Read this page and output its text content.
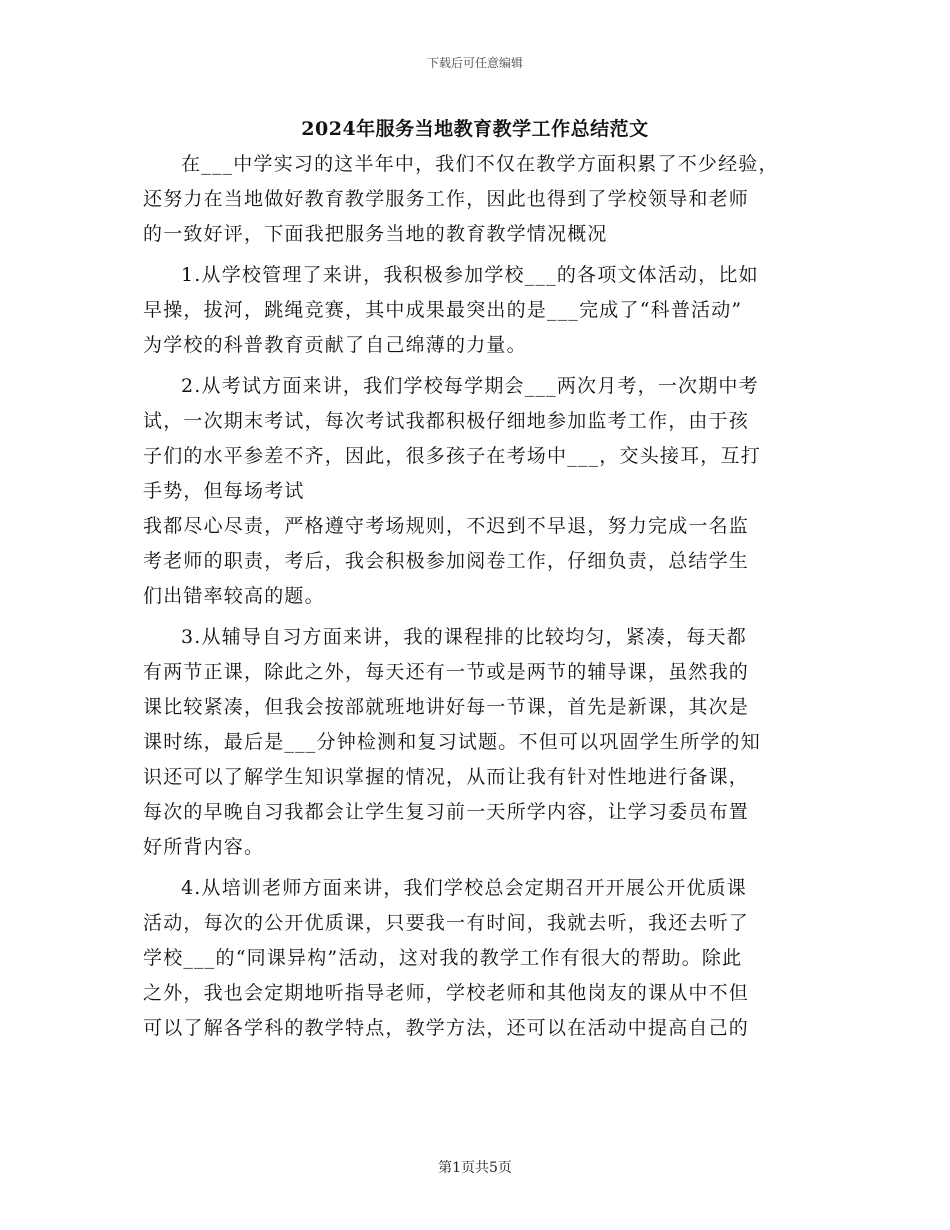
下载后可任意编辑
2024年服务当地教育教学工作总结范文
在___中学实习的这半年中，我们不仅在教学方面积累了不少经验，
还努力在当地做好教育教学服务工作，因此也得到了学校领导和老师
的一致好评，下面我把服务当地的教育教学情况概况
1.从学校管理了来讲，我积极参加学校___的各项文体活动，比如
早操，拔河，跳绳竞赛，其中成果最突出的是___完成了“科普活动”
为学校的科普教育贡献了自己绵薄的力量。
2.从考试方面来讲，我们学校每学期会___两次月考，一次期中考
试，一次期末考试，每次考试我都积极仔细地参加监考工作，由于孩
子们的水平参差不齐，因此，很多孩子在考场中___，交头接耳，互打
手势，但每场考试
我都尽心尽责，严格遵守考场规则，不迟到不早退，努力完成一名监
考老师的职责，考后，我会积极参加阅卷工作，仔细负责，总结学生
们出错率较高的题。
3.从辅导自习方面来讲，我的课程排的比较均匀，紧凑，每天都
有两节正课，除此之外，每天还有一节或是两节的辅导课，虽然我的
课比较紧凑，但我会按部就班地讲好每一节课，首先是新课，其次是
课时练，最后是___分钟检测和复习试题。不但可以巩固学生所学的知
识还可以了解学生知识掌握的情况，从而让我有针对性地进行备课，
每次的早晚自习我都会让学生复习前一天所学内容，让学习委员布置
好所背内容。
4.从培训老师方面来讲，我们学校总会定期召开开展公开优质课
活动，每次的公开优质课，只要我一有时间，我就去听，我还去听了
学校___的“同课异构”活动，这对我的教学工作有很大的帮助。除此
之外，我也会定期地听指导老师，学校老师和其他岗友的课从中不但
可以了解各学科的教学特点，教学方法，还可以在活动中提高自己的
第1页共5页
